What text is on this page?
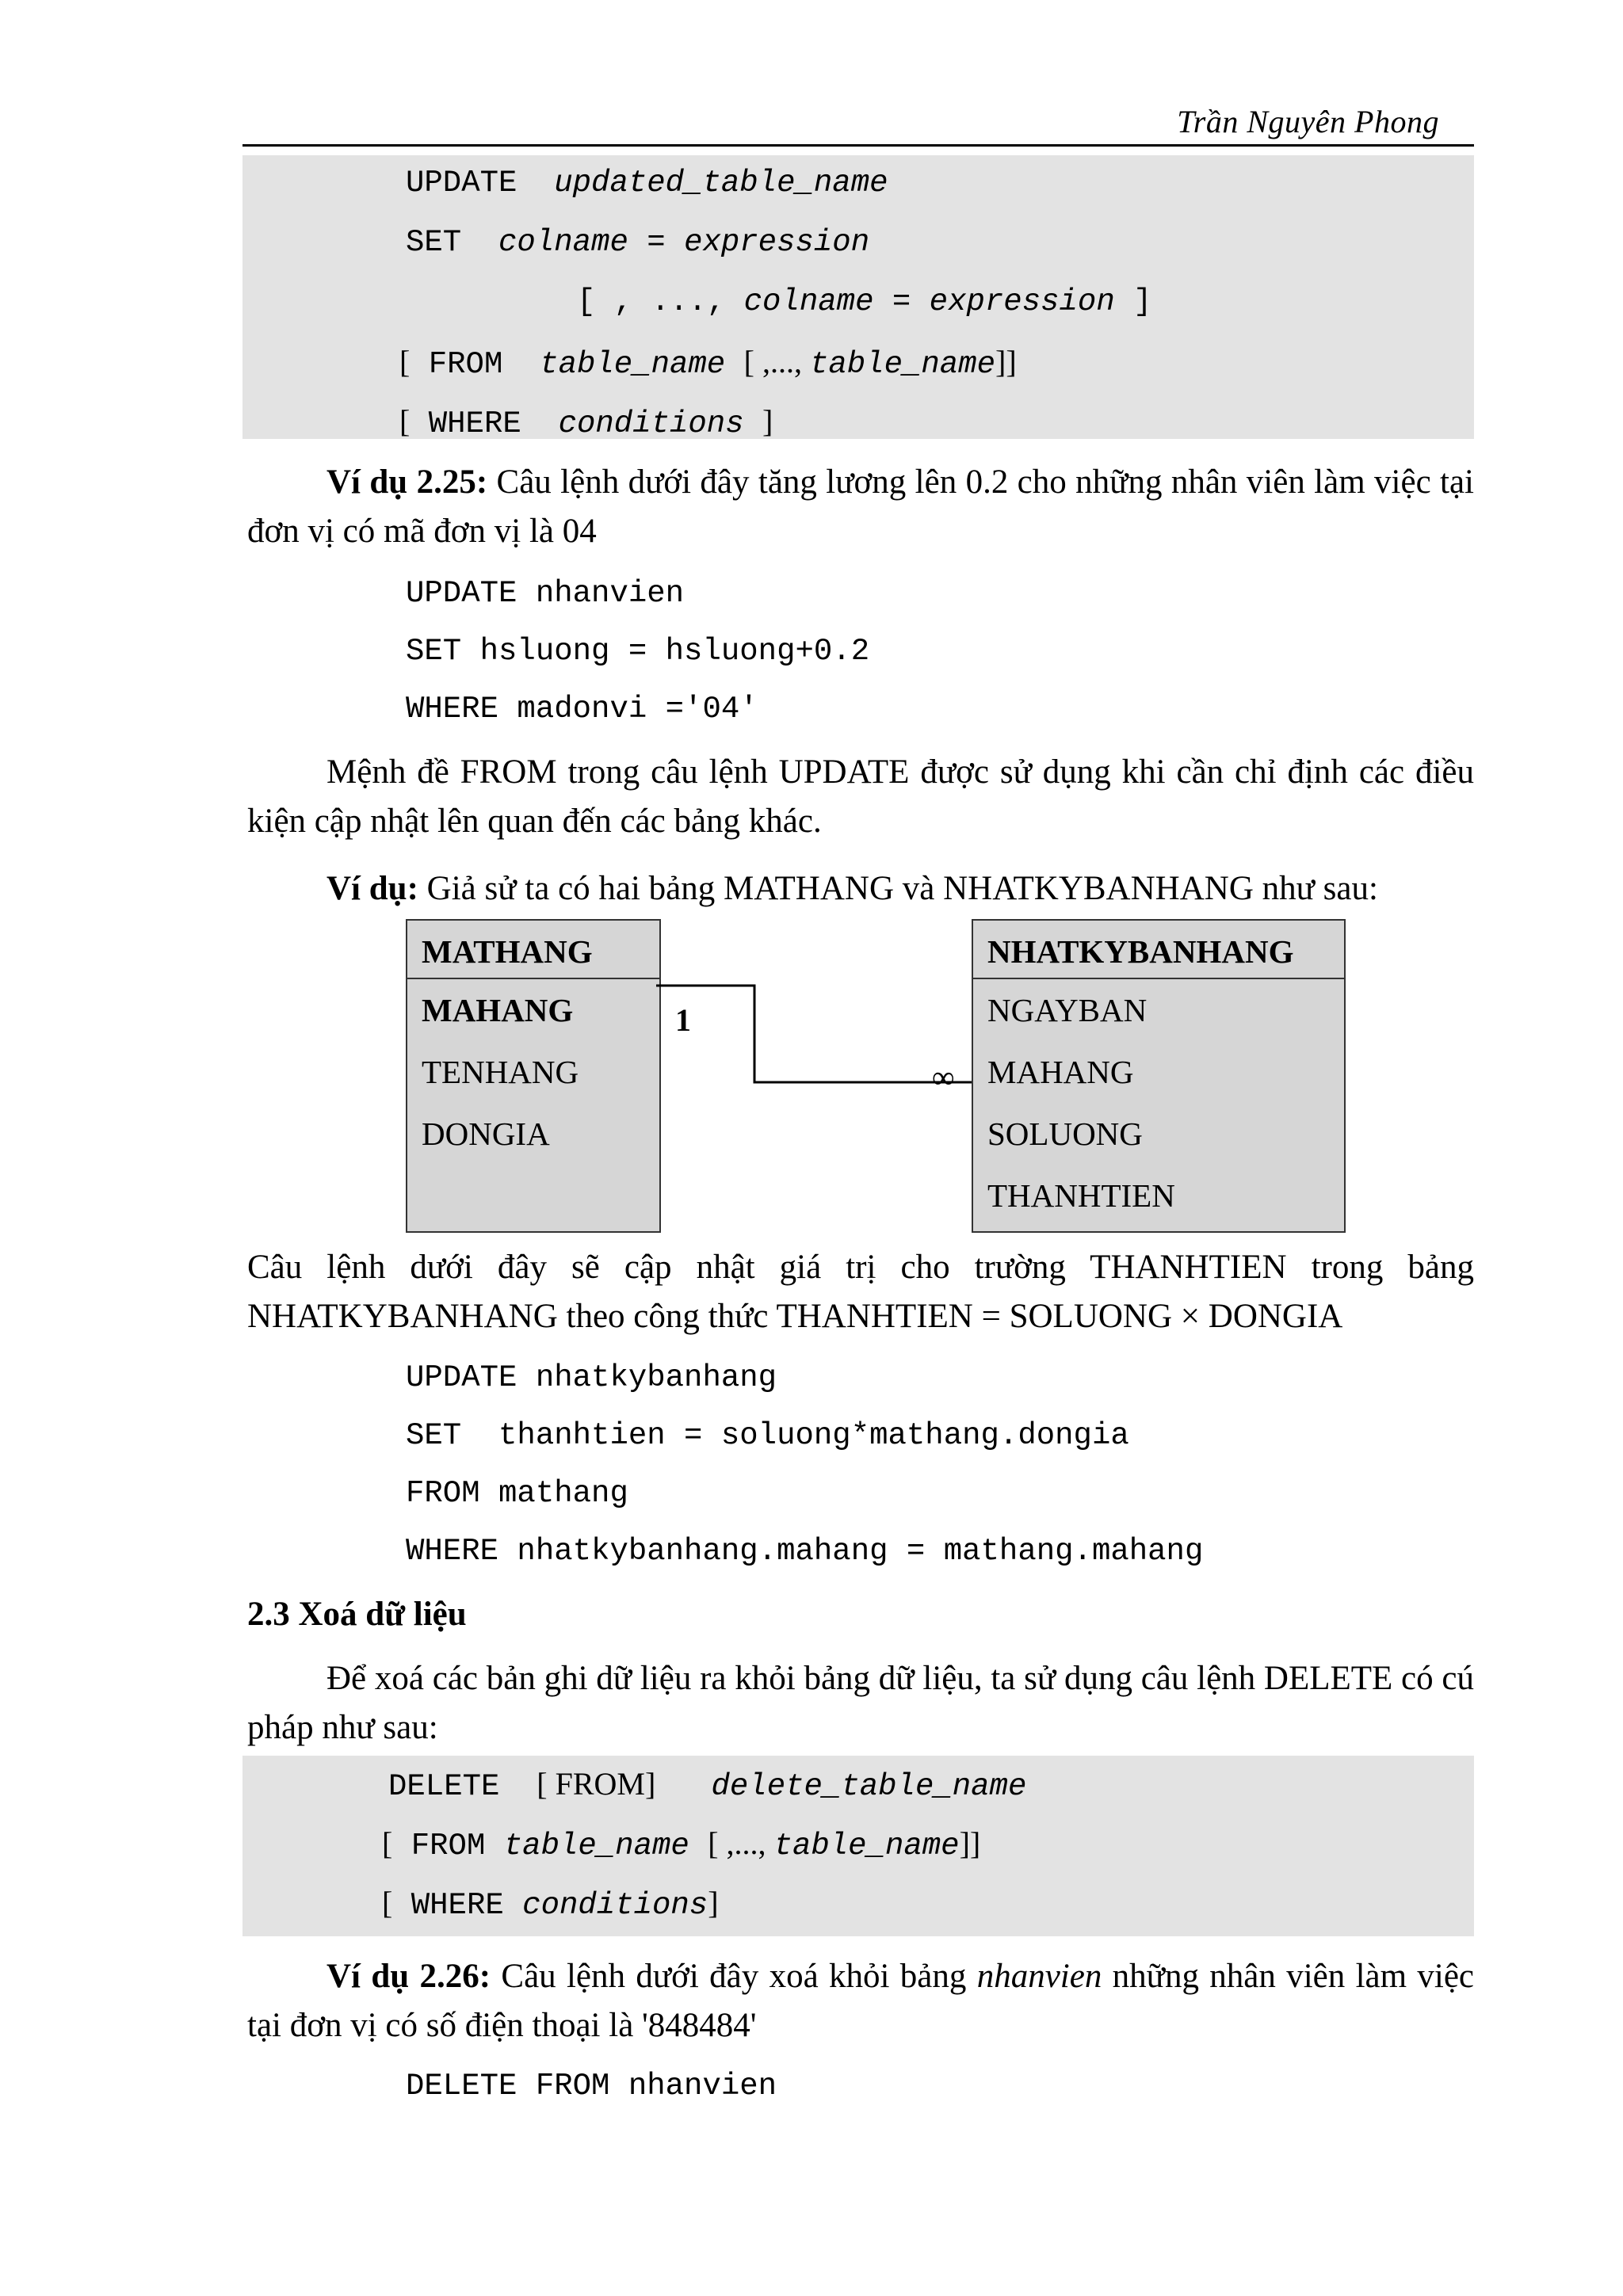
Trần Nguyên Phong
UPDATE updated_table_name
SET colname = expression
[ , ..., colname = expression ]
[ FROM table_name [ ,..., table_name]]
[ WHERE conditions ]
Ví dụ 2.25: Câu lệnh dưới đây tăng lương lên 0.2 cho những nhân viên làm việc tại đơn vị có mã đơn vị là 04
UPDATE nhanvien
SET hsluong = hsluong+0.2
WHERE madonvi ='04'
Mệnh đề FROM trong câu lệnh UPDATE được sử dụng khi cần chỉ định các điều kiện cập nhật lên quan đến các bảng khác.
Ví dụ: Giả sử ta có hai bảng MATHANG và NHATKYBANHANG như sau:
MATHANG
MAHANG
TENHANG
DONGIA
NHATKYBANHANG
NGAYBAN
MAHANG
SOLUONG
THANHTIEN
1
∞
Câu lệnh dưới đây sẽ cập nhật giá trị cho trường THANHTIEN trong bảng
NHATKYBANHANG theo công thức THANHTIEN = SOLUONG × DONGIA
UPDATE nhatkybanhang
SET  thanhtien = soluong*mathang.dongia
FROM mathang
WHERE nhatkybanhang.mahang = mathang.mahang
2.3 Xoá dữ liệu
Để xoá các bản ghi dữ liệu ra khỏi bảng dữ liệu, ta sử dụng câu lệnh DELETE có cú pháp như sau:
DELETE [ FROM] delete_table_name
[ FROM table_name [ ,..., table_name]]
[ WHERE conditions]
Ví dụ 2.26: Câu lệnh dưới đây xoá khỏi bảng nhanvien những nhân viên làm việc tại đơn vị có số điện thoại là '848484'
DELETE FROM nhanvien
